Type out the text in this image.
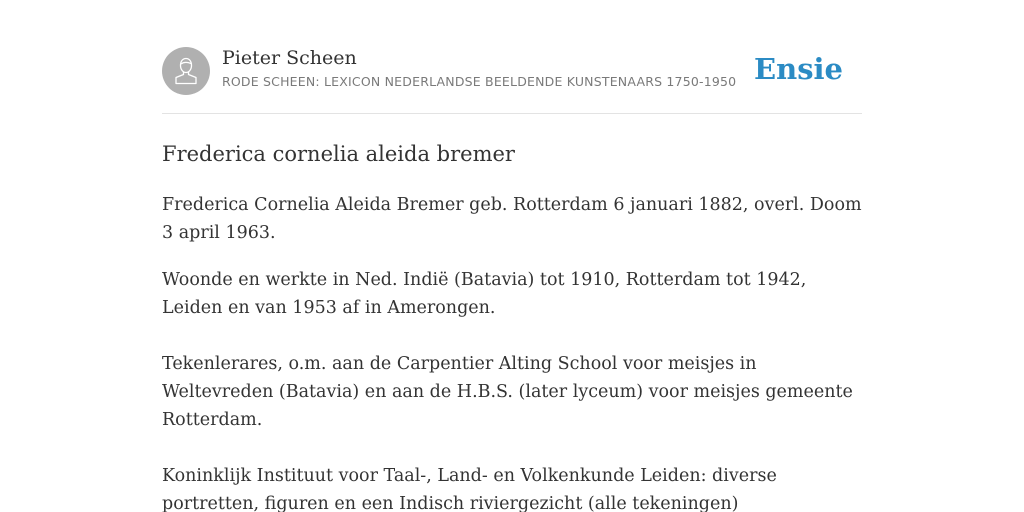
Pieter Scheen
RODE SCHEEN: LEXICON NEDERLANDSE BEELDENDE KUNSTENAARS 1750-1950 Ensie
Frederica cornelia aleida bremer

Frederica Cornelia Aleida Bremer geb. Rotterdam 6 januari 1882, overl. Doom 3 april 1963.

Woonde en werkte in Ned. Indië (Batavia) tot 1910, Rotterdam tot 1942, Leiden en van 1953 af in Amerongen.

Tekenlerares, o.m. aan de Carpentier Alting School voor meisjes in Weltevreden (Batavia) en aan de H.B.S. (later lyceum) voor meisjes gemeente Rotterdam.

Koninklijk Instituut voor Taal-, Land- en Volkenkunde Leiden: diverse portretten, figuren en een Indisch riviergezicht (alle tekeningen)
